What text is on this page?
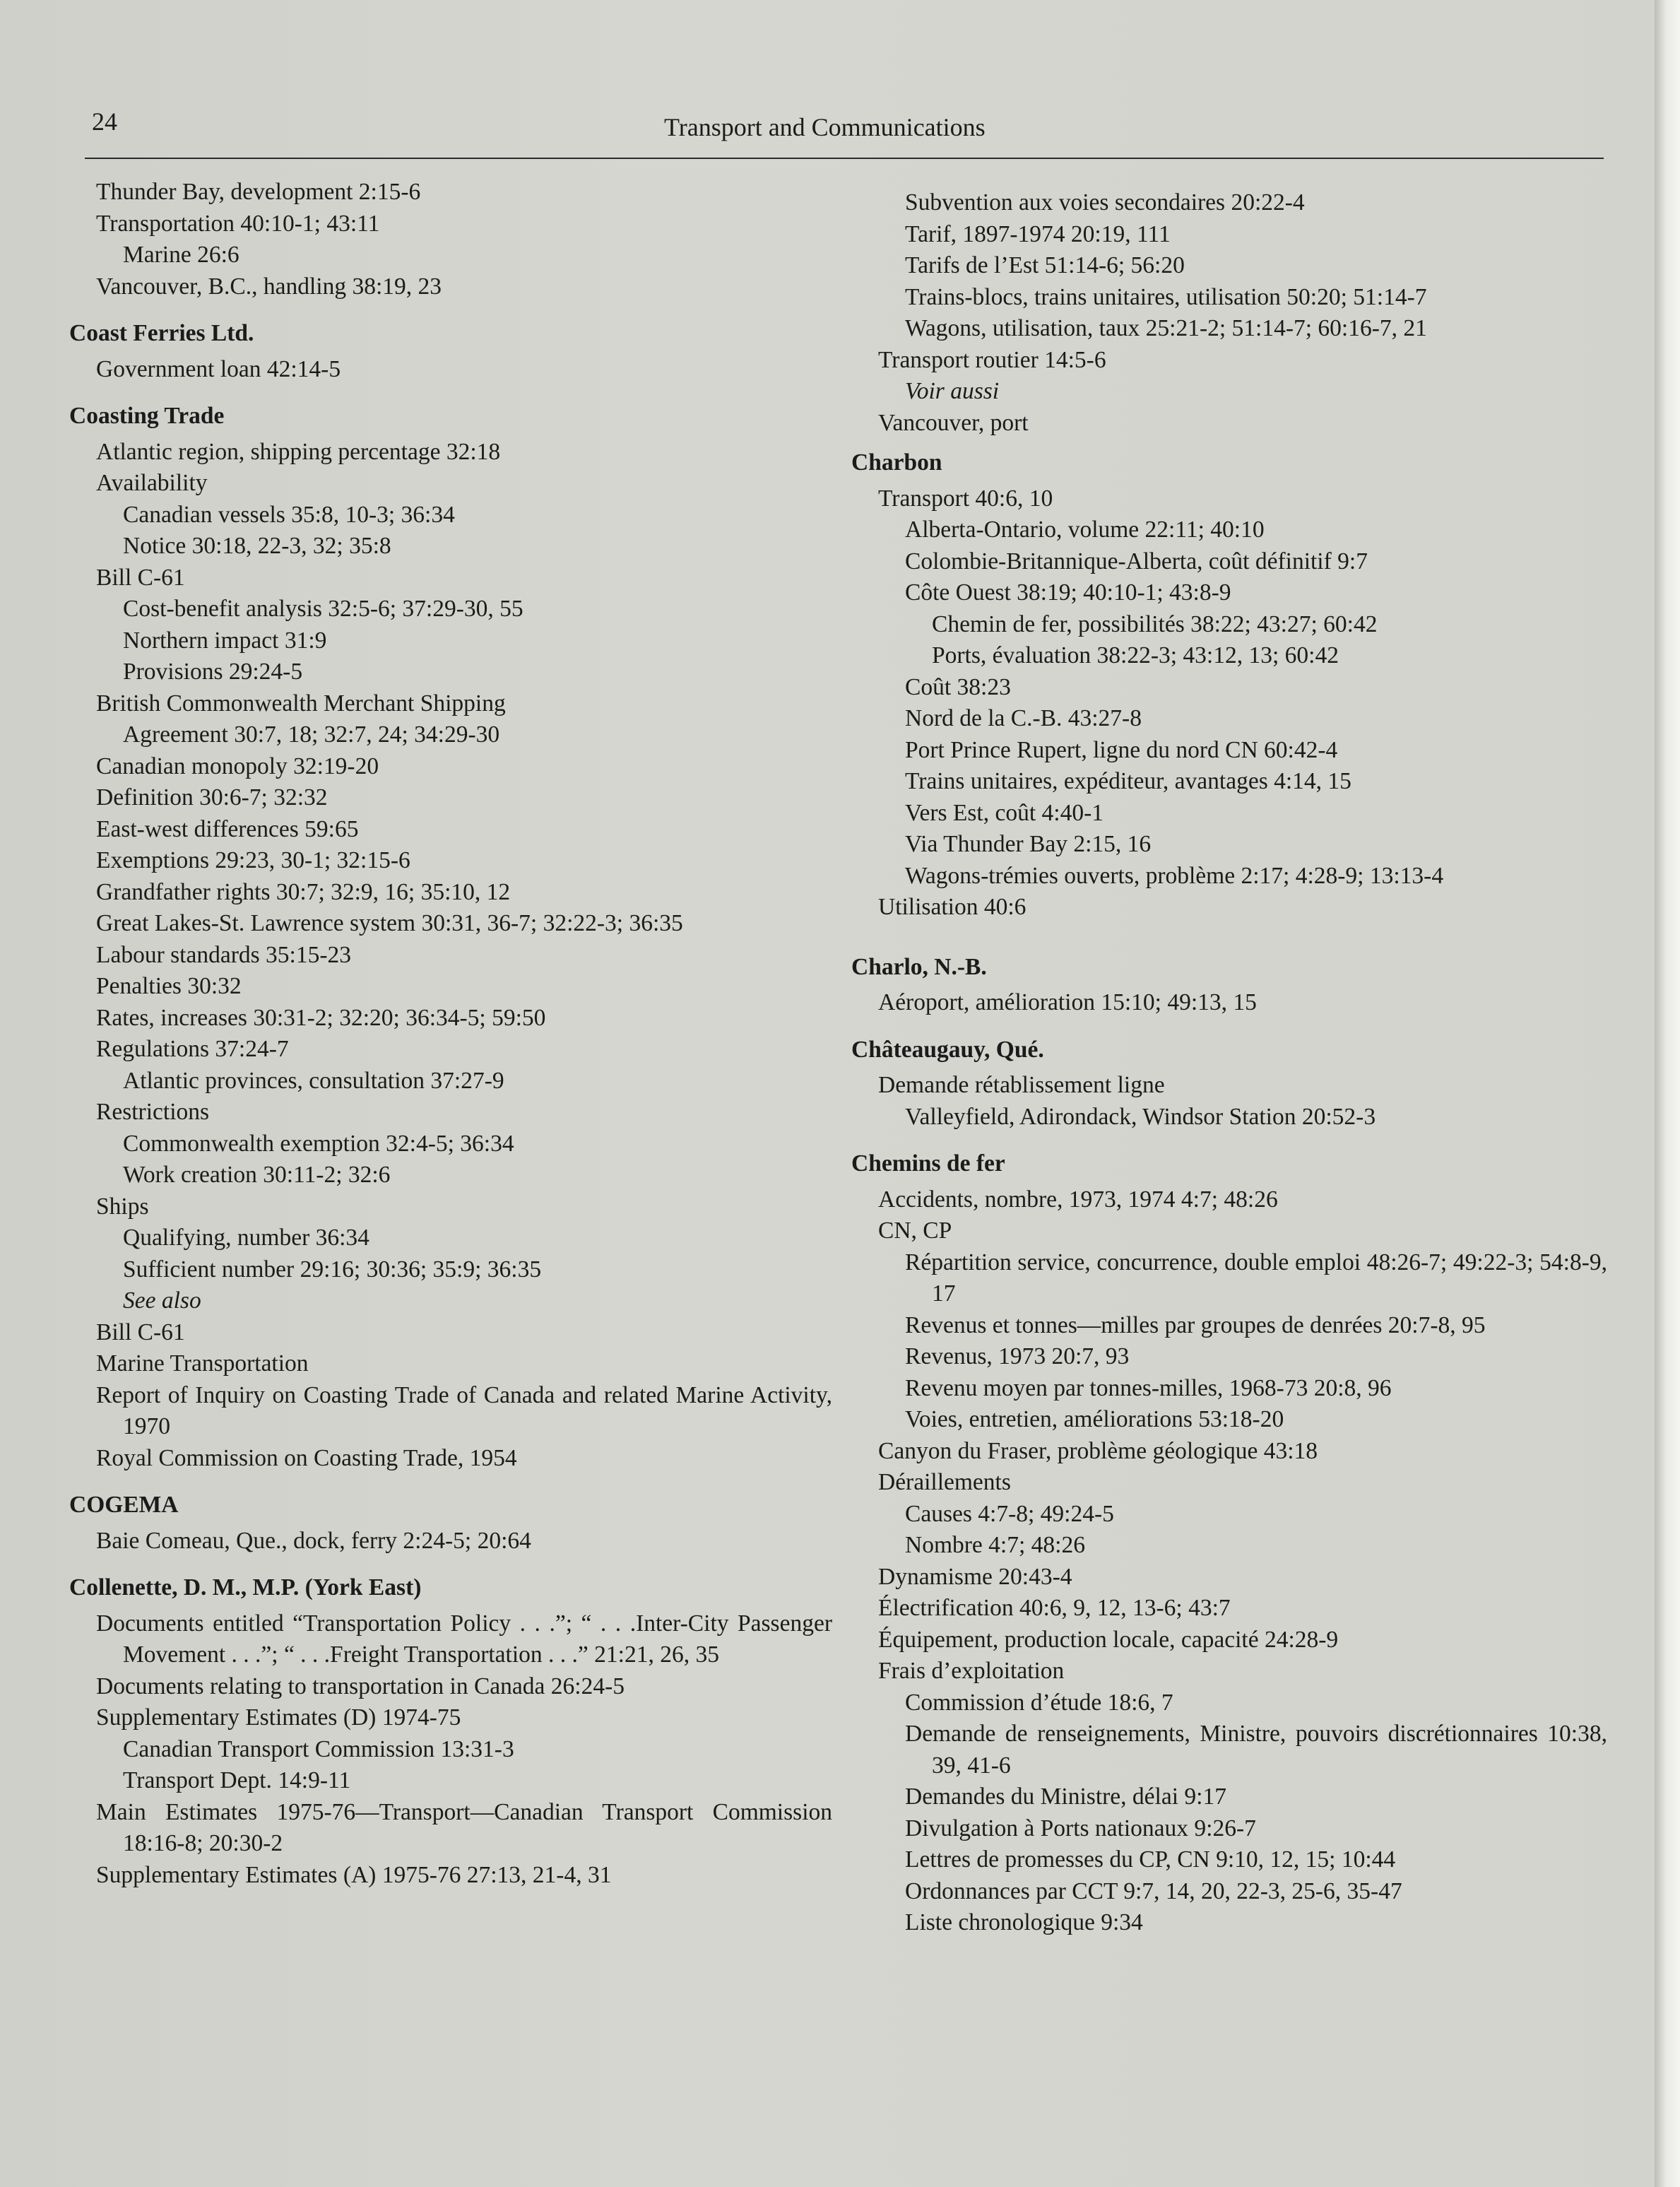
24	Transport and Communications
Thunder Bay, development 2:15-6
Transportation 40:10-1; 43:11
Marine 26:6
Vancouver, B.C., handling 38:19, 23
Coast Ferries Ltd.
Government loan 42:14-5
Coasting Trade
Atlantic region, shipping percentage 32:18
Availability
Canadian vessels 35:8, 10-3; 36:34
Notice 30:18, 22-3, 32; 35:8
Bill C-61
Cost-benefit analysis 32:5-6; 37:29-30, 55
Northern impact 31:9
Provisions 29:24-5
British Commonwealth Merchant Shipping
Agreement 30:7, 18; 32:7, 24; 34:29-30
Canadian monopoly 32:19-20
Definition 30:6-7; 32:32
East-west differences 59:65
Exemptions 29:23, 30-1; 32:15-6
Grandfather rights 30:7; 32:9, 16; 35:10, 12
Great Lakes-St. Lawrence system 30:31, 36-7; 32:22-3; 36:35
Labour standards 35:15-23
Penalties 30:32
Rates, increases 30:31-2; 32:20; 36:34-5; 59:50
Regulations 37:24-7
Atlantic provinces, consultation 37:27-9
Restrictions
Commonwealth exemption 32:4-5; 36:34
Work creation 30:11-2; 32:6
Ships
Qualifying, number 36:34
Sufficient number 29:16; 30:36; 35:9; 36:35
See also
Bill C-61
Marine Transportation
Report of Inquiry on Coasting Trade of Canada and related Marine Activity, 1970
Royal Commission on Coasting Trade, 1954
COGEMA
Baie Comeau, Que., dock, ferry 2:24-5; 20:64
Collenette, D. M., M.P. (York East)
Documents entitled “Transportation Policy . . .”; “ . . .Inter-City Passenger Movement . . .”; “ . . .Freight Transportation . . .” 21:21, 26, 35
Documents relating to transportation in Canada 26:24-5
Supplementary Estimates (D) 1974-75
Canadian Transport Commission 13:31-3
Transport Dept. 14:9-11
Main Estimates 1975-76—Transport—Canadian Transport Commission 18:16-8; 20:30-2
Supplementary Estimates (A) 1975-76 27:13, 21-4, 31
Subvention aux voies secondaires 20:22-4
Tarif, 1897-1974 20:19, 111
Tarifs de l’Est 51:14-6; 56:20
Trains-blocs, trains unitaires, utilisation 50:20; 51:14-7
Wagons, utilisation, taux 25:21-2; 51:14-7; 60:16-7, 21
Transport routier 14:5-6
Voir aussi
Vancouver, port
Charbon
Transport 40:6, 10
Alberta-Ontario, volume 22:11; 40:10
Colombie-Britannique-Alberta, coût définitif 9:7
Côte Ouest 38:19; 40:10-1; 43:8-9
Chemin de fer, possibilités 38:22; 43:27; 60:42
Ports, évaluation 38:22-3; 43:12, 13; 60:42
Coût 38:23
Nord de la C.-B. 43:27-8
Port Prince Rupert, ligne du nord CN 60:42-4
Trains unitaires, expéditeur, avantages 4:14, 15
Vers Est, coût 4:40-1
Via Thunder Bay 2:15, 16
Wagons-trémies ouverts, problème 2:17; 4:28-9; 13:13-4
Utilisation 40:6
Charlo, N.-B.
Aéroport, amélioration 15:10; 49:13, 15
Châteaugauy, Qué.
Demande rétablissement ligne
Valleyfield, Adirondack, Windsor Station 20:52-3
Chemins de fer
Accidents, nombre, 1973, 1974 4:7; 48:26
CN, CP
Répartition service, concurrence, double emploi 48:26-7; 49:22-3; 54:8-9, 17
Revenus et tonnes—milles par groupes de denrées 20:7-8, 95
Revenus, 1973 20:7, 93
Revenu moyen par tonnes-milles, 1968-73 20:8, 96
Voies, entretien, améliorations 53:18-20
Canyon du Fraser, problème géologique 43:18
Déraillements
Causes 4:7-8; 49:24-5
Nombre 4:7; 48:26
Dynamisme 20:43-4
Électrification 40:6, 9, 12, 13-6; 43:7
Équipement, production locale, capacité 24:28-9
Frais d’exploitation
Commission d’étude 18:6, 7
Demande de renseignements, Ministre, pouvoirs discrétionnaires 10:38, 39, 41-6
Demandes du Ministre, délai 9:17
Divulgation à Ports nationaux 9:26-7
Lettres de promesses du CP, CN 9:10, 12, 15; 10:44
Ordonnances par CCT 9:7, 14, 20, 22-3, 25-6, 35-47
Liste chronologique 9:34
